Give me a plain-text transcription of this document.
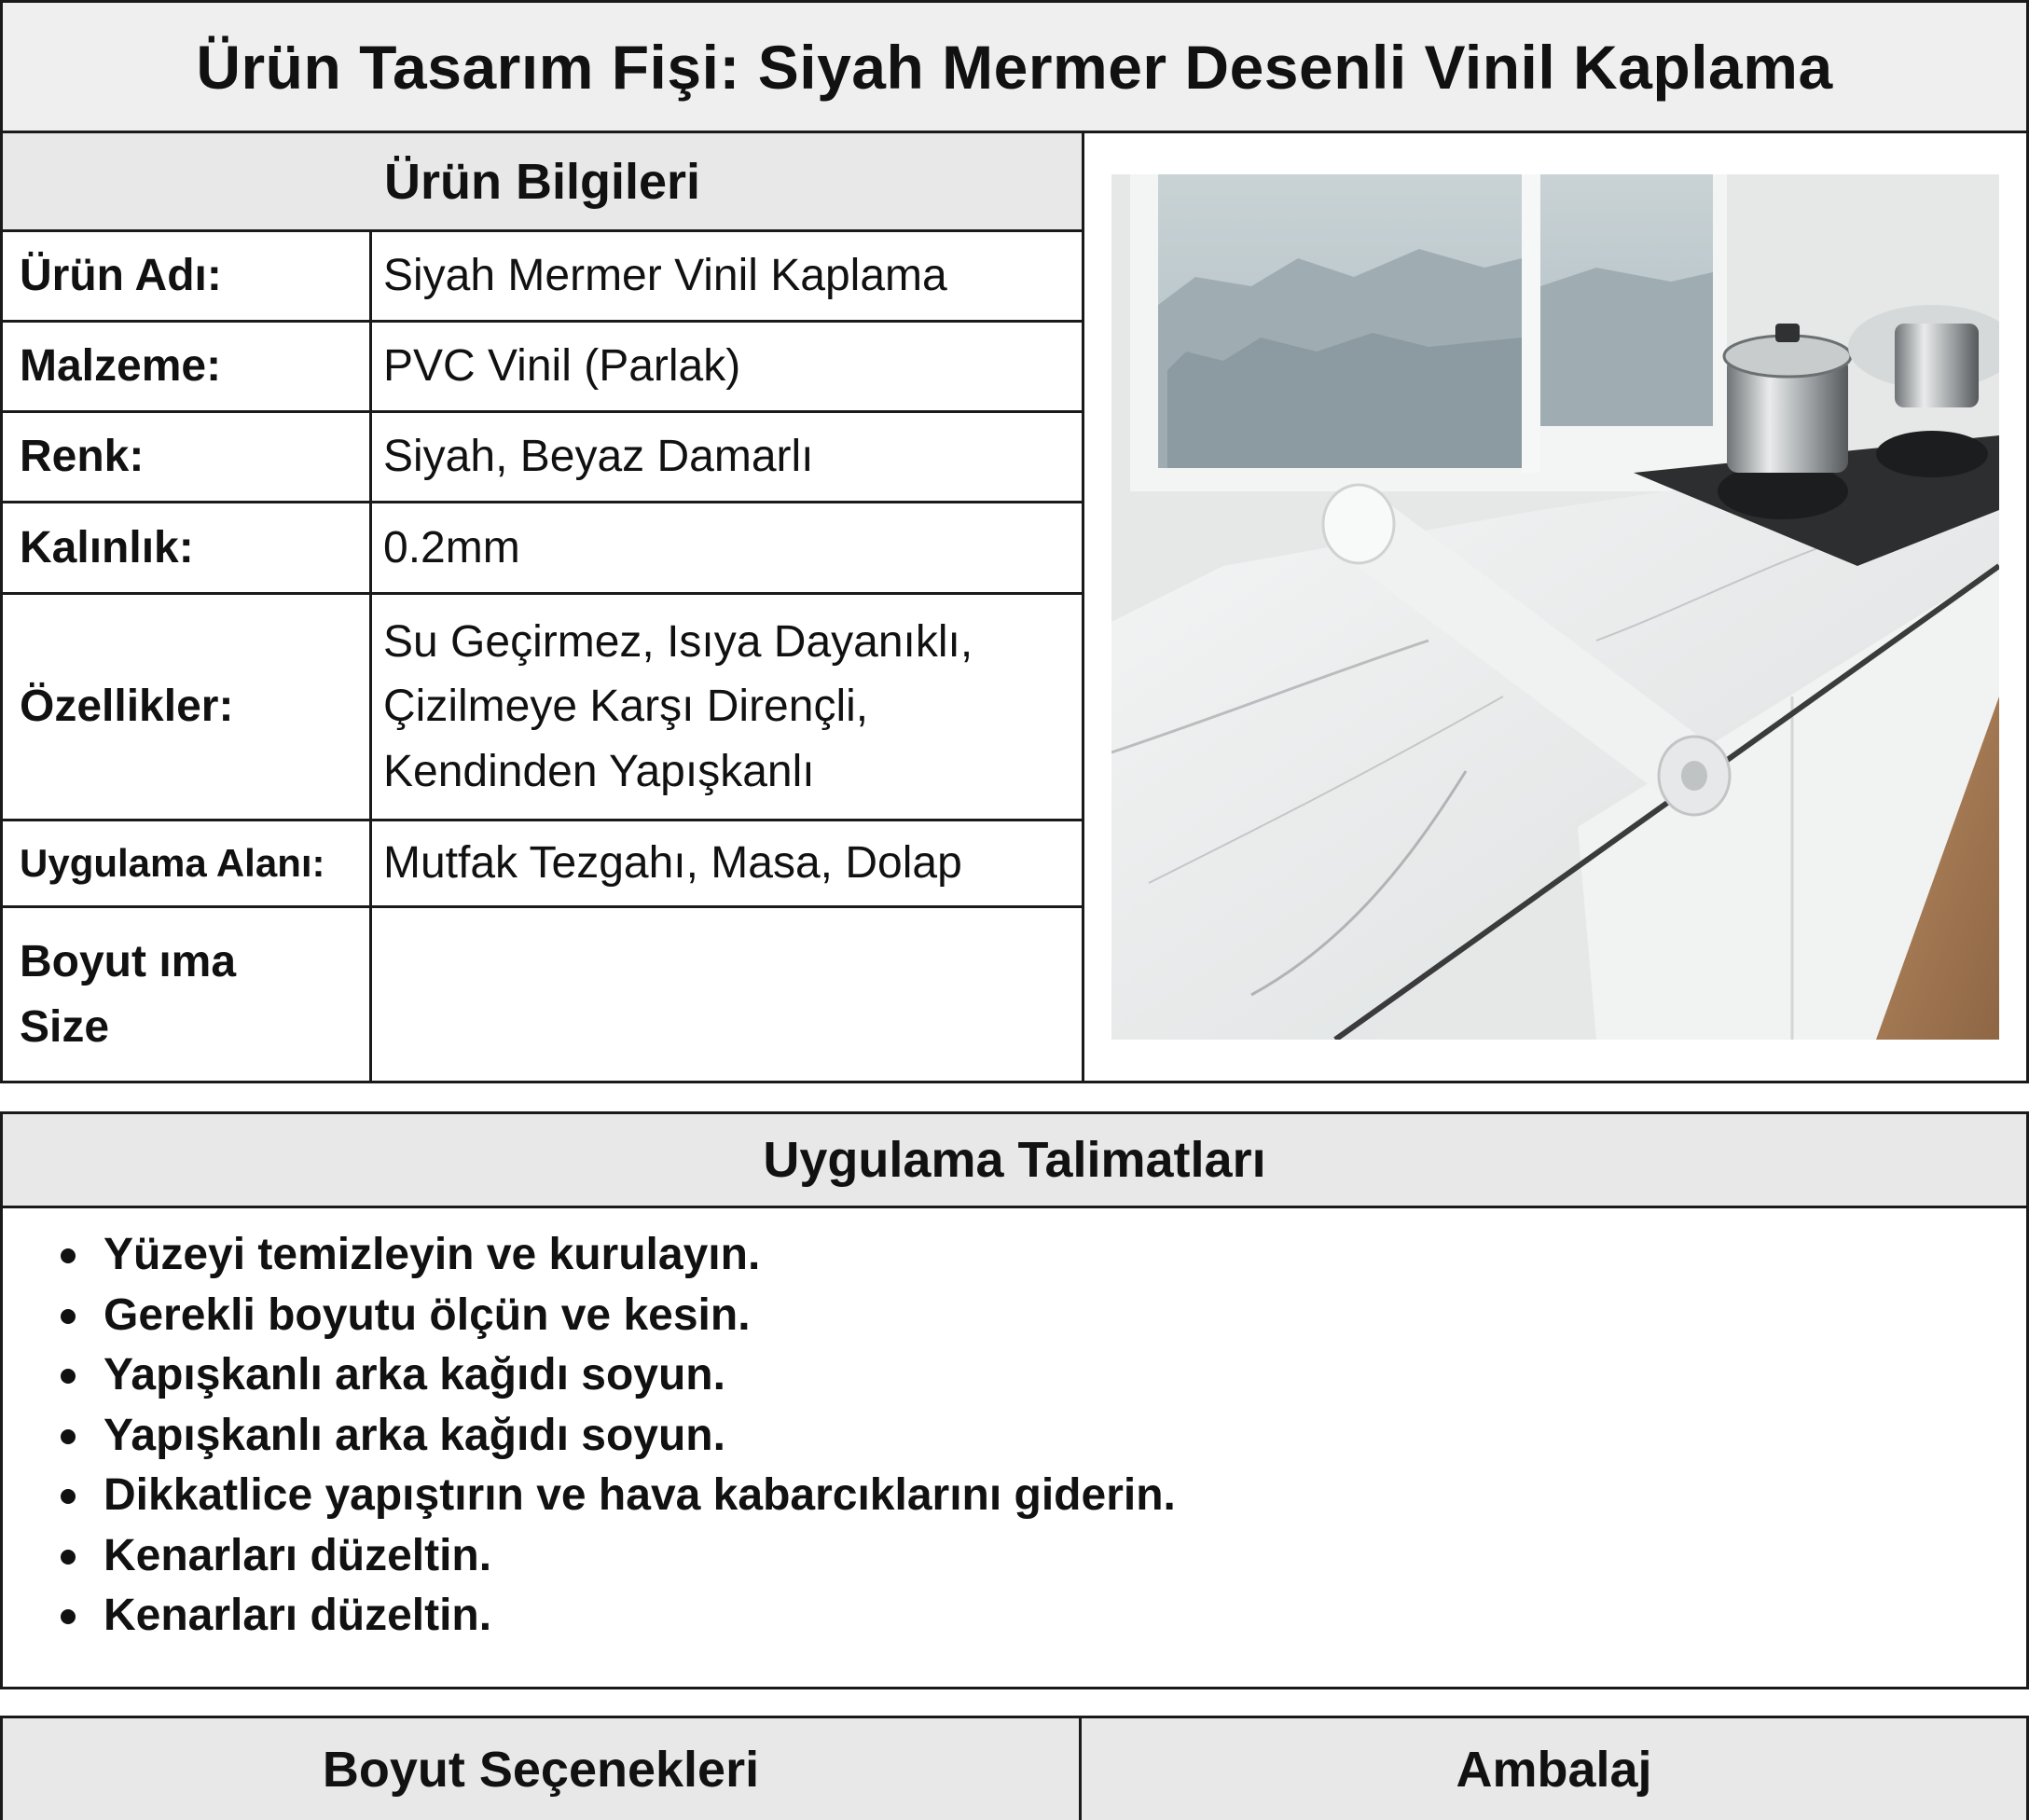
Ürün Tasarım Fişi: Siyah Mermer Desenli Vinil Kaplama
Ürün Bilgileri
Ürün Adı:	Siyah Mermer Vinil Kaplama
Malzeme:	PVC Vinil (Parlak)
Renk:	Siyah, Beyaz Damarlı
Kalınlık:	0.2mm
Özellikler:
Su Geçirmez, Isıya Dayanıklı,
Çizilmeye Karşı Dirençli,
Kendinden Yapışkanlı
Uygulama Alanı:	Mutfak Tezgahı, Masa, Dolap
Boyut ıma
Size
Uygulama Talimatları
Yüzeyi temizleyin ve kurulayın.
Gerekli boyutu ölçün ve kesin.
Yapışkanlı arka kağıdı soyun.
Yapışkanlı arka kağıdı soyun.
Dikkatlice yapıştırın ve hava kabarcıklarını giderin.
Kenarları düzeltin.
Kenarları düzeltin.
Boyut Seçenekleri	Ambalaj
